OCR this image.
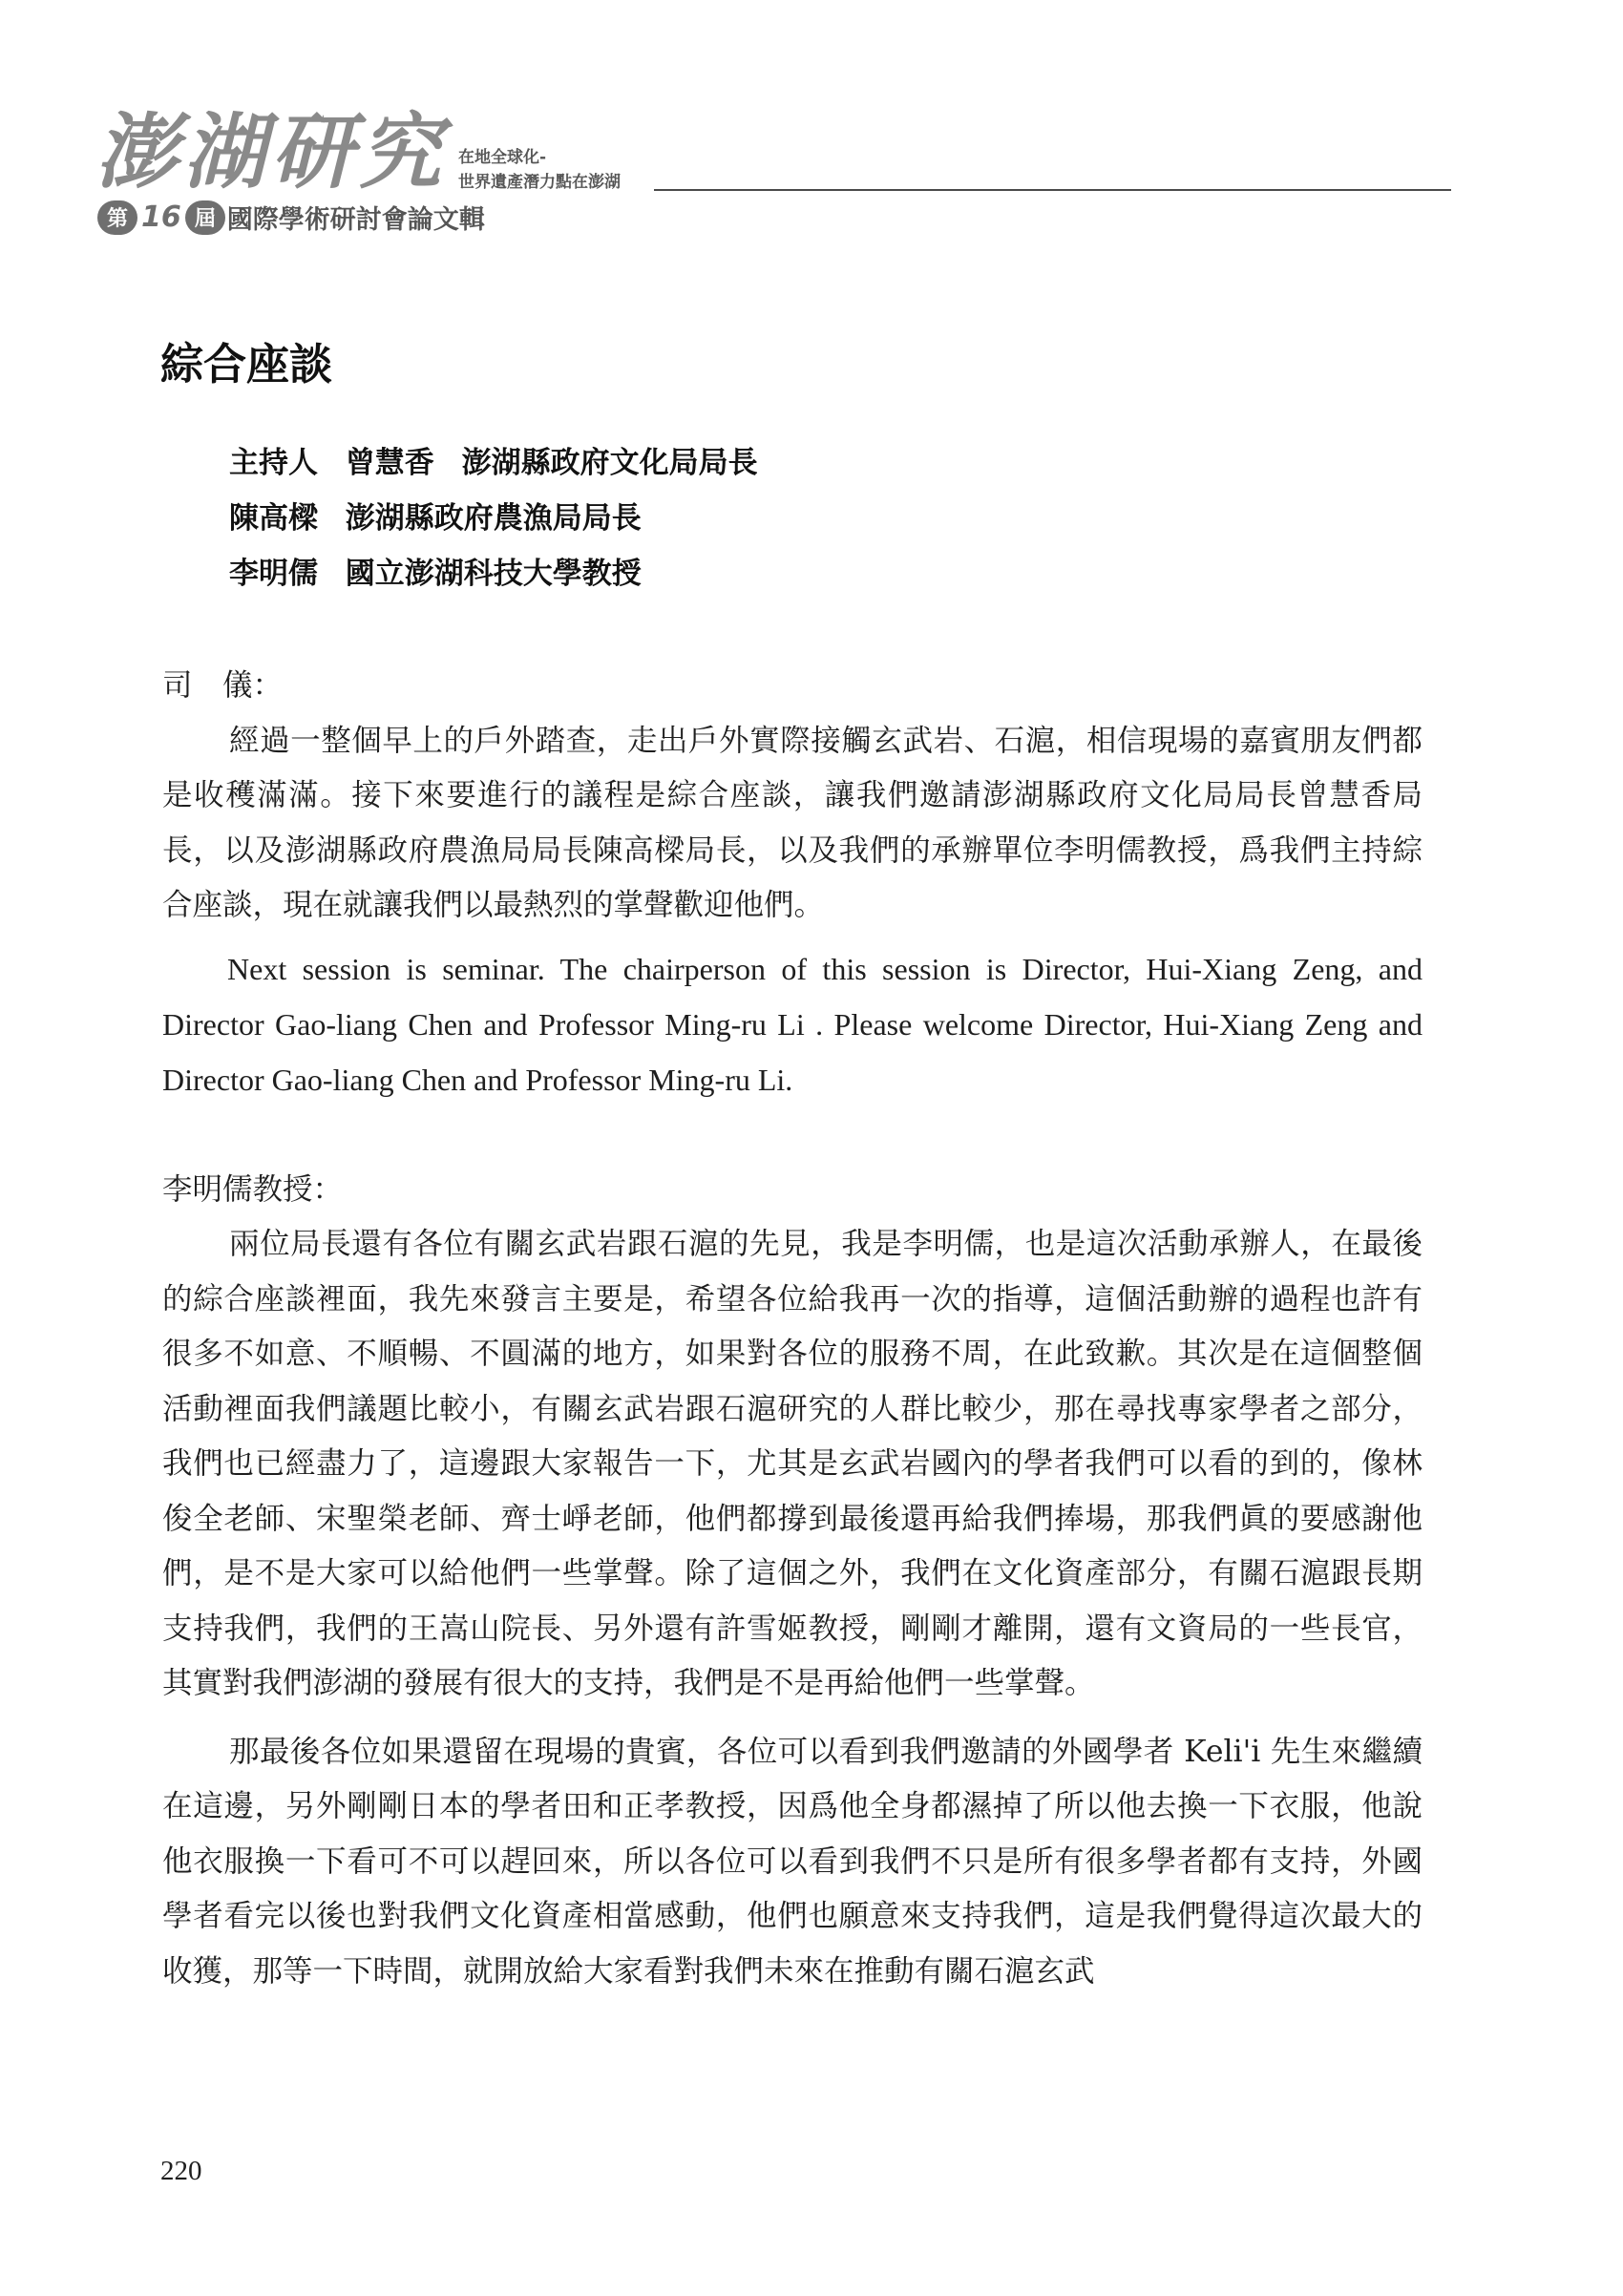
澎湖研究
第 16 屆 國際學術研討會論文輯
在地全球化-
世界遺產潛力點在澎湖
綜合座談
主持人 曾慧香 澎湖縣政府文化局局長
陳高樑 澎湖縣政府農漁局局長
李明儒 國立澎湖科技大學教授

司　儀：

經過一整個早上的戶外踏查，走出戶外實際接觸玄武岩、石滬，相信現場的嘉賓朋友們都是收穫滿滿。接下來要進行的議程是綜合座談，讓我們邀請澎湖縣政府文化局局長曾慧香局長，以及澎湖縣政府農漁局局長陳高樑局長，以及我們的承辦單位李明儒教授，爲我們主持綜合座談，現在就讓我們以最熱烈的掌聲歡迎他們。

Next session is seminar. The chairperson of this session is Director, Hui-Xiang Zeng, and Director Gao-liang Chen and Professor Ming-ru Li . Please welcome Director, Hui-Xiang Zeng and Director Gao-liang Chen and Professor Ming-ru Li.

李明儒教授：

兩位局長還有各位有關玄武岩跟石滬的先見，我是李明儒，也是這次活動承辦人，在最後的綜合座談裡面，我先來發言主要是，希望各位給我再一次的指導，這個活動辦的過程也許有很多不如意、不順暢、不圓滿的地方，如果對各位的服務不周，在此致歉。其次是在這個整個活動裡面我們議題比較小，有關玄武岩跟石滬研究的人群比較少，那在尋找專家學者之部分，我們也已經盡力了，這邊跟大家報告一下，尤其是玄武岩國內的學者我們可以看的到的，像林俊全老師、宋聖榮老師、齊士崢老師，他們都撐到最後還再給我們捧場，那我們眞的要感謝他們，是不是大家可以給他們一些掌聲。除了這個之外，我們在文化資產部分，有關石滬跟長期支持我們，我們的王嵩山院長、另外還有許雪姬教授，剛剛才離開，還有文資局的一些長官，其實對我們澎湖的發展有很大的支持，我們是不是再給他們一些掌聲。

那最後各位如果還留在現場的貴賓，各位可以看到我們邀請的外國學者 Keli'i 先生來繼續在這邊，另外剛剛日本的學者田和正孝教授，因爲他全身都濕掉了所以他去換一下衣服，他說他衣服換一下看可不可以趕回來，所以各位可以看到我們不只是所有很多學者都有支持，外國學者看完以後也對我們文化資產相當感動，他們也願意來支持我們，這是我們覺得這次最大的收獲，那等一下時間，就開放給大家看對我們未來在推動有關石滬玄武

220
